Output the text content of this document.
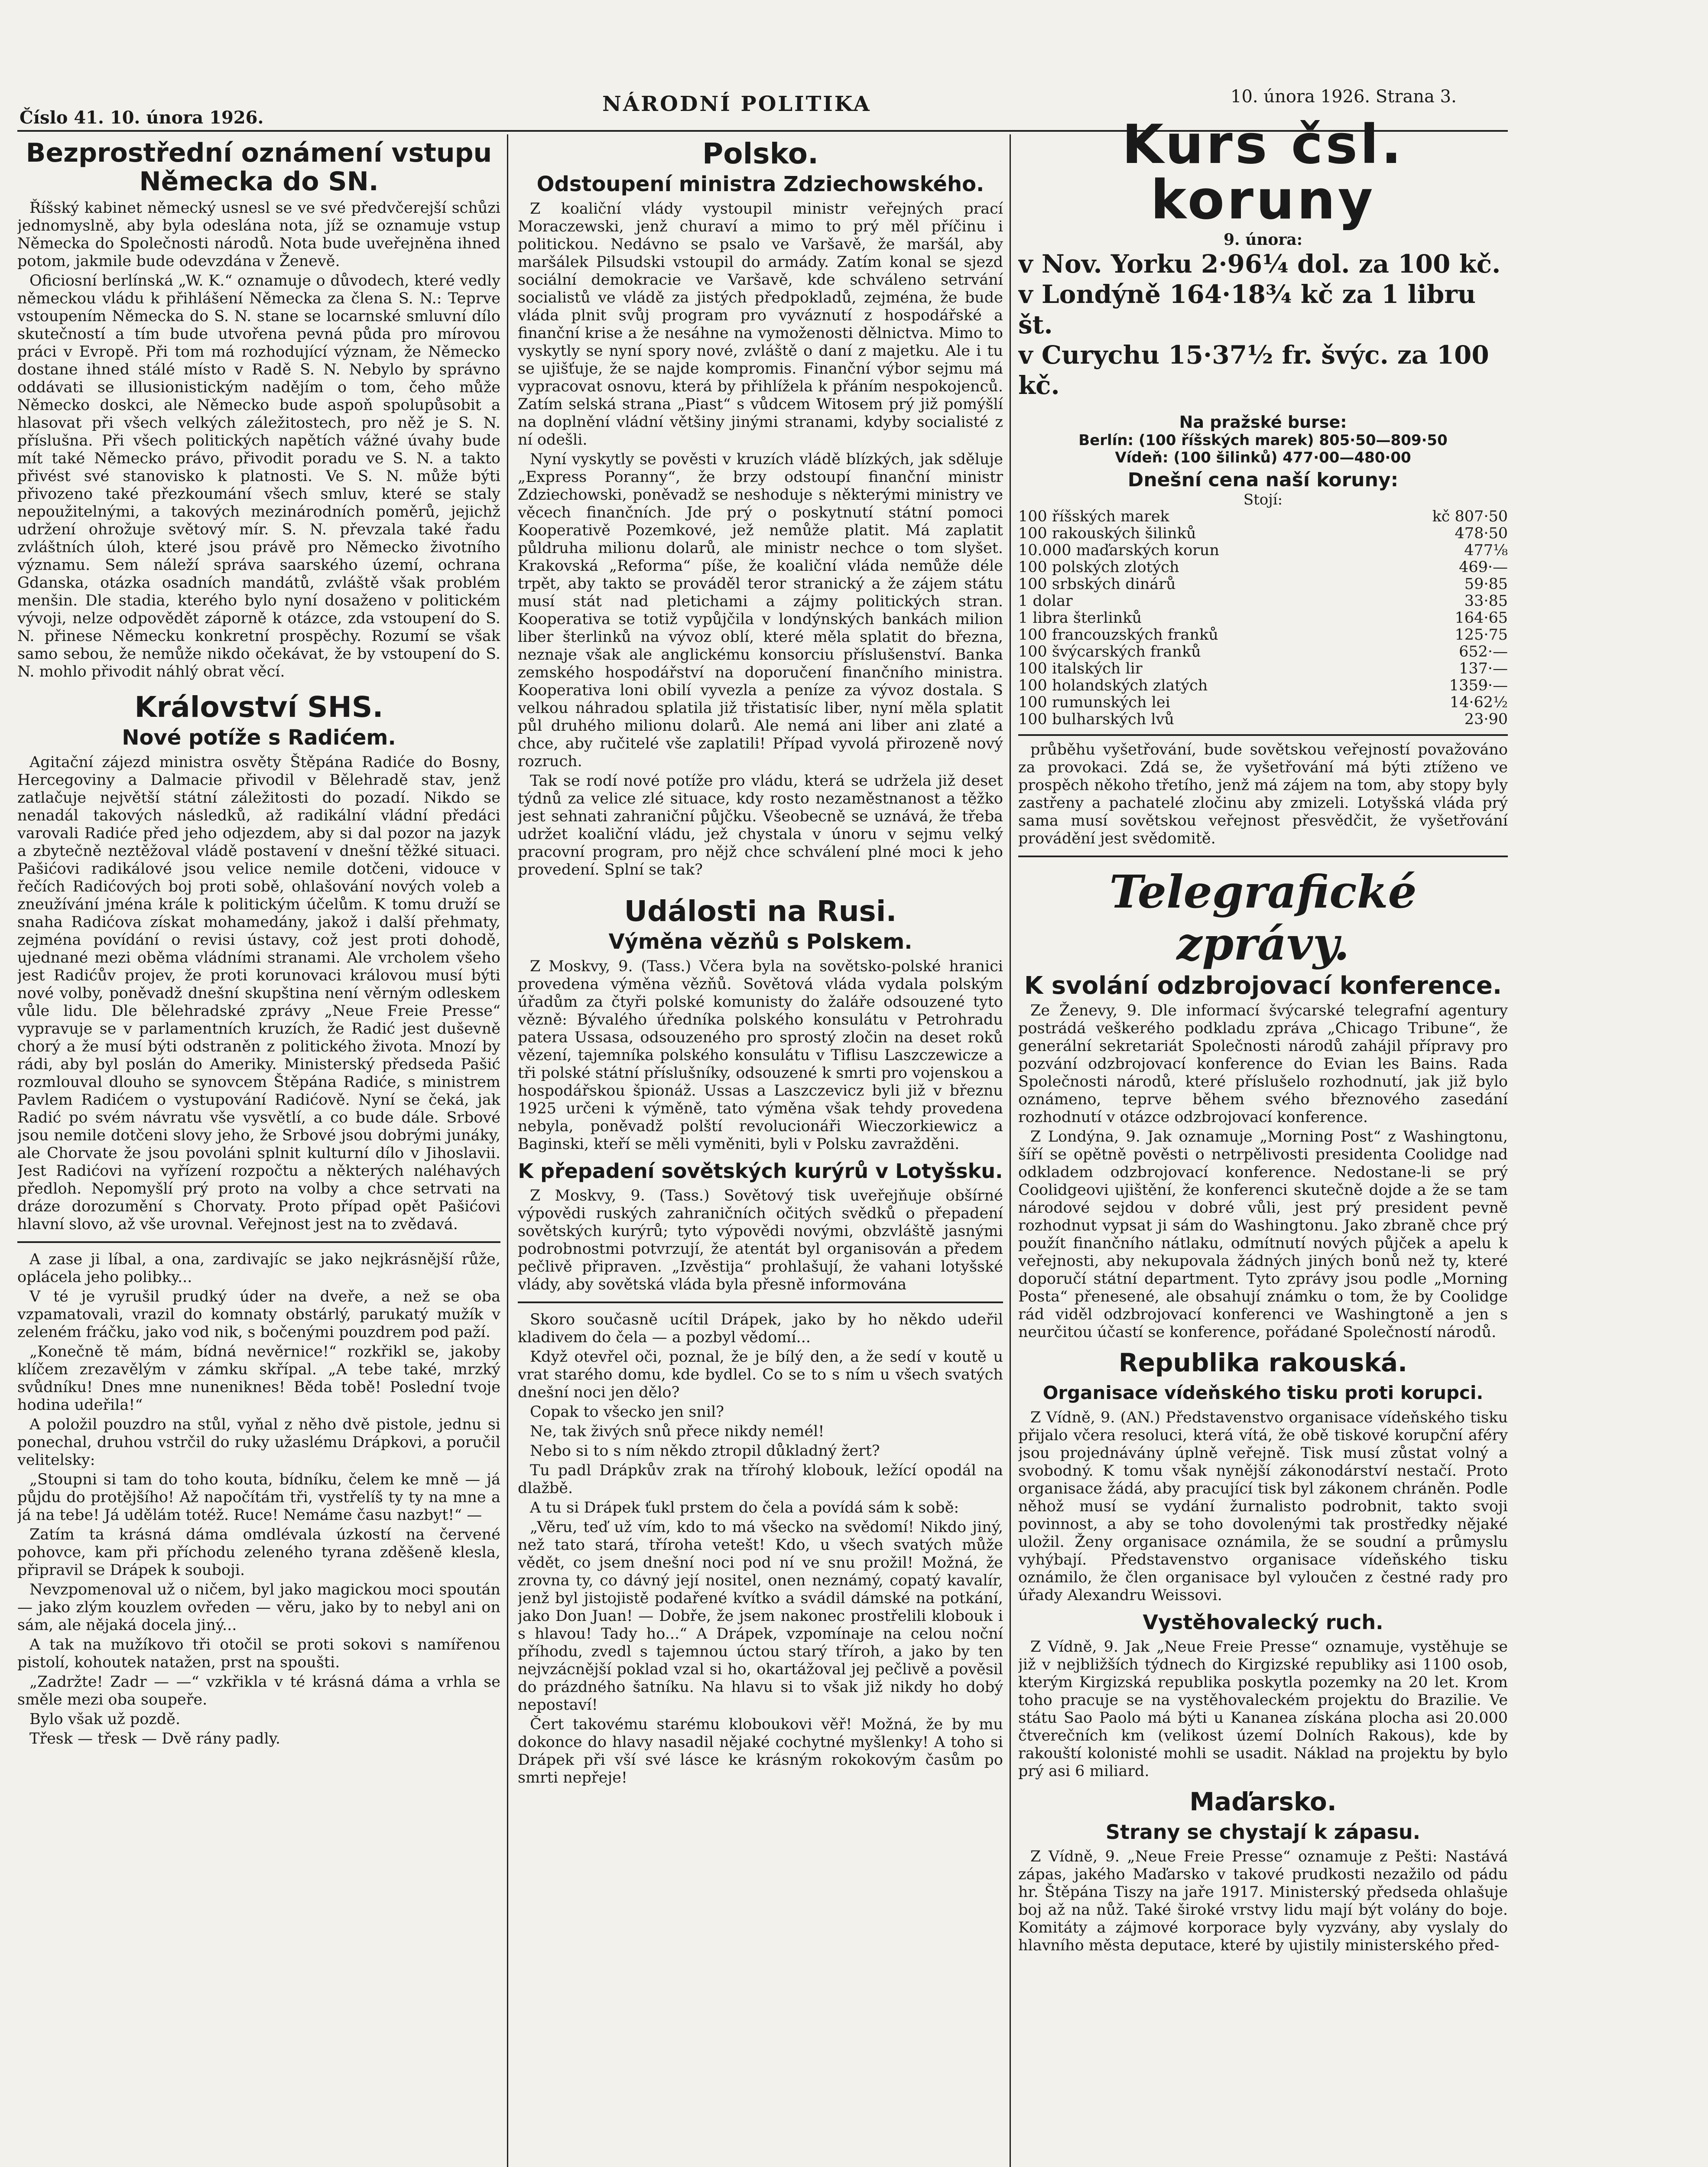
Číslo 41. 10. února 1926.
NÁRODNÍ POLITIKA	10. února 1926. Strana 3.
Bezprostřední oznámení vstupu Německa do SN.

Říšský kabinet německý usnesl se ve své předvčerejší schůzi jednomyslně, aby byla odeslána nota, jíž se oznamuje vstup Německa do Společnosti národů. Nota bude uveřejněna ihned potom, jakmile bude odevzdána v Ženevě.

Oficiosní berlínská „W. K.“ oznamuje o důvodech, které vedly německou vládu k přihlášení Německa za člena S. N.: Teprve vstoupením Německa do S. N. stane se locarnské smluvní dílo skutečností a tím bude utvořena pevná půda pro mírovou práci v Evropě. Při tom má rozhodující význam, že Německo dostane ihned stálé místo v Radě S. N. Nebylo by správno oddávati se illusionistickým nadějím o tom, čeho může Německo doskci, ale Německo bude aspoň spolupůsobit a hlasovat při všech velkých záležitostech, pro něž je S. N. příslušna. Při všech politických napětích vážné úvahy bude mít také Německo právo, přivodit poradu ve S. N. a takto přivést své stanovisko k platnosti. Ve S. N. může býti přivozeno také přezkoumání všech smluv, které se staly nepoužitelnými, a takových mezinárodních poměrů, jejichž udržení ohrožuje světový mír. S. N. převzala také řadu zvláštních úloh, které jsou právě pro Německo životního významu. Sem náleží správa saarského území, ochrana Gdanska, otázka osadních mandátů, zvláště však problém menšin. Dle stadia, kterého bylo nyní dosaženo v politickém vývoji, nelze odpovědět záporně k otázce, zda vstoupení do S. N. přinese Německu konkretní prospěchy. Rozumí se však samo sebou, že nemůže nikdo očekávat, že by vstoupení do S. N. mohlo přivodit náhlý obrat věcí.

Království SHS.
Nové potíže s Radićem.

Agitační zájezd ministra osvěty Štěpána Radiće do Bosny, Hercegoviny a Dalmacie přivodil v Bělehradě stav, jenž zatlačuje největší státní záležitosti do pozadí. Nikdo se nenadál takových následků, až radikální vládní předáci varovali Radiće před jeho odjezdem, aby si dal pozor na jazyk a zbytečně neztěžoval vládě postavení v dnešní těžké situaci. Pašićovi radikálové jsou velice nemile dotčeni, vidouce v řečích Radićových boj proti sobě, ohlašování nových voleb a zneužívání jména krále k politickým účelům. K tomu druží se snaha Radićova získat mohamedány, jakož i další přehmaty, zejména povídání o revisi ústavy, což jest proti dohodě, ujednané mezi oběma vládními stranami. Ale vrcholem všeho jest Radićův projev, že proti korunovaci královou musí býti nové volby, poněvadž dnešní skupština není věrným odleskem vůle lidu. Dle bělehradské zprávy „Neue Freie Presse“ vypravuje se v parlamentních kruzích, že Radić jest duševně chorý a že musí býti odstraněn z politického života. Mnozí by rádi, aby byl poslán do Ameriky. Ministerský předseda Pašić rozmlouval dlouho se synovcem Štěpána Radiće, s ministrem Pavlem Radićem o vystupování Radićově. Nyní se čeká, jak Radić po svém návratu vše vysvětlí, a co bude dále. Srbové jsou nemile dotčeni slovy jeho, že Srbové jsou dobrými junáky, ale Chorvate že jsou povoláni splnit kulturní dílo v Jihoslavii. Jest Radićovi na vyřízení rozpočtu a některých naléhavých předloh. Nepomyšlí prý proto na volby a chce setrvati na dráze dorozumění s Chorvaty. Proto případ opět Pašićovi hlavní slovo, až vše urovnal. Veřejnost jest na to zvědavá.

A zase ji líbal, a ona, zardivajíc se jako nejkrásnější růže, oplácela jeho polibky...

V té je vyrušil prudký úder na dveře, a než se oba vzpamatovali, vrazil do komnaty obstárlý, parukatý mužík v zeleném fráčku, jako vod nik, s bočenými pouzdrem pod paží.

„Konečně tě mám, bídná nevěrnice!“ rozkřikl se, jakoby klíčem zrezavělým v zámku skřípal. „A tebe také, mrzký svůdníku! Dnes mne nuneniknes! Běda tobě! Poslední tvoje hodina udeřila!“

A položil pouzdro na stůl, vyňal z něho dvě pistole, jednu si ponechal, druhou vstrčil do ruky užaslému Drápkovi, a poručil velitelsky:

„Stoupni si tam do toho kouta, bídníku, čelem ke mně — já půjdu do protějšího! Až napočítám tři, vystřelíš ty ty na mne a já na tebe! Já udělám totéž. Ruce! Nemáme času nazbyt!“ —

Zatím ta krásná dáma omdlévala úzkostí na červené pohovce, kam při příchodu zeleného tyrana zděšeně klesla, připravil se Drápek k souboji.

Nevzpomenoval už o ničem, byl jako magickou moci spoután — jako zlým kouzlem ovředen — věru, jako by to nebyl ani on sám, ale nějaká docela jiný...

A tak na mužíkovo tři otočil se proti sokovi s namířenou pistolí, kohoutek natažen, prst na spoušti.

„Zadržte! Zadr — —“ vzkřikla v té krásná dáma a vrhla se směle mezi oba soupeře.

Bylo však už pozdě.

Třesk — třesk — Dvě rány padly.

Polsko.
Odstoupení ministra Zdziechowského.

Z koaliční vlády vystoupil ministr veřejných prací Moraczewski, jenž churaví a mimo to prý měl příčinu i politickou. Nedávno se psalo ve Varšavě, že maršál, aby maršálek Pilsudski vstoupil do armády. Zatím konal se sjezd sociální demokracie ve Varšavě, kde schváleno setrvání socialistů ve vládě za jistých předpokladů, zejména, že bude vláda plnit svůj program pro vyváznutí z hospodářské a finanční krise a že nesáhne na vymoženosti dělnictva. Mimo to vyskytly se nyní spory nové, zvláště o daní z majetku. Ale i tu se ujišťuje, že se najde kompromis. Finanční výbor sejmu má vypracovat osnovu, která by přihlížela k přáním nespokojenců. Zatím selská strana „Piast“ s vůdcem Witosem prý již pomýšlí na doplnění vládní většiny jinými stranami, kdyby socialisté z ní odešli.

Nyní vyskytly se pověsti v kruzích vládě blízkých, jak sděluje „Express Poranny“, že brzy odstoupí finanční ministr Zdziechowski, poněvadž se neshoduje s některými ministry ve věcech finančních. Jde prý o poskytnutí státní pomoci Kooperativě Pozemkové, jež nemůže platit. Má zaplatit půldruha milionu dolarů, ale ministr nechce o tom slyšet. Krakovská „Reforma“ píše, že koaliční vláda nemůže déle trpět, aby takto se prováděl teror stranický a že zájem státu musí stát nad pletichami a zájmy politických stran. Kooperativa se totiž vypůjčila v londýnských bankách milion liber šterlinků na vývoz oblí, které měla splatit do března, neznaje však ale anglickému konsorciu příslušenství. Banka zemského hospodářství na doporučení finančního ministra. Kooperativa loni obilí vyvezla a peníze za vývoz dostala. S velkou náhradou splatila již třistatisíc liber, nyní měla splatit půl druhého milionu dolarů. Ale nemá ani liber ani zlaté a chce, aby ručitelé vše zaplatili! Případ vyvolá přirozeně nový rozruch.

Tak se rodí nové potíže pro vládu, která se udržela již deset týdnů za velice zlé situace, kdy rosto nezaměstnanost a těžko jest sehnati zahraniční půjčku. Všeobecně se uznává, že třeba udržet koaliční vládu, jež chystala v únoru v sejmu velký pracovní program, pro nějž chce schválení plné moci k jeho provedení. Splní se tak?

Události na Rusi.
Výměna vězňů s Polskem.

Z Moskvy, 9. (Tass.) Včera byla na sovětsko-polské hranici provedena výměna vězňů. Sovětová vláda vydala polským úřadům za čtyři polské komunisty do žaláře odsouzené tyto vězně: Bývalého úředníka polského konsulátu v Petrohradu patera Ussasa, odsouzeného pro sprostý zločin na deset roků vězení, tajemníka polského konsulátu v Tiflisu Laszczewicze a tři polské státní příslušníky, odsouzené k smrti pro vojenskou a hospodářskou špionáž. Ussas a Laszczevicz byli již v březnu 1925 určeni k výměně, tato výměna však tehdy provedena nebyla, poněvadž polští revolucionáři Wieczorkiewicz a Baginski, kteří se měli vyměniti, byli v Polsku zavražděni.

K přepadení sovětských kurýrů v Lotyšsku.

Z Moskvy, 9. (Tass.) Sovětový tisk uveřejňuje obšírné výpovědi ruských zahraničních očitých svědků o přepadení sovětských kurýrů; tyto výpovědi novými, obzvláště jasnými podrobnostmi potvrzují, že atentát byl organisován a předem pečlivě připraven. „Izvěstija“ prohlašují, že vahani lotyšské vlády, aby sovětská vláda byla přesně informována

Skoro současně ucítil Drápek, jako by ho někdo udeřil kladivem do čela — a pozbyl vědomí...

Když otevřel oči, poznal, že je bílý den, a že sedí v koutě u vrat starého domu, kde bydlel. Co se to s ním u všech svatých dnešní noci jen dělo?

Copak to všecko jen snil?

Ne, tak živých snů přece nikdy nemél!

Nebo si to s ním někdo ztropil důkladný žert?

Tu padl Drápkův zrak na třírohý klobouk, ležící opodál na dlažbě.

A tu si Drápek ťukl prstem do čela a povídá sám k sobě:

„Věru, teď už vím, kdo to má všecko na svědomí! Nikdo jiný, než tato stará, tříroha vetešt! Kdo, u všech svatých může vědět, co jsem dnešní noci pod ní ve snu prožil! Možná, že zrovna ty, co dávný její nositel, onen neznámý, copatý kavalír, jenž byl jistojistě podařené kvítko a svádil dámské na potkání, jako Don Juan! — Dobře, že jsem nakonec prostřelili klobouk i s hlavou! Tady ho...“ A Drápek, vzpomínaje na celou noční příhodu, zvedl s tajemnou úctou starý tříroh, a jako by ten nejvzácnější poklad vzal si ho, okartážoval jej pečlivě a pověsil do prázdného šatníku. Na hlavu si to však již nikdy ho dobý nepostaví!

Čert takovému starému kloboukovi věř! Možná, že by mu dokonce do hlavy nasadil nějaké cochytné myšlenky! A toho si Drápek při vší své lásce ke krásným rokokovým časům po smrti nepřeje!

Kurs čsl. koruny
9. února:
v Nov. Yorku 2·96¼ dol. za 100 kč.
v Londýně 164·18¾ kč za 1 libru št.
v Curychu 15·37½ fr. švýc. za 100 kč.
Na pražské burse:
Berlín: (100 říšských marek) 805·50—809·50
Vídeň: (100 šilinků) 477·00—480·00
Dnešní cena naší koruny:
Stojí:
100 říšských marek	kč 807·50
100 rakouských šilinků	478·50
10.000 maďarských korun	477⅛
100 polských zlotých	469·—
100 srbských dinárů	59·85
1 dolar	33·85
1 libra šterlinků	164·65
100 francouzských franků	125·75
100 švýcarských franků	652·—
100 italských lir	137·—
100 holandských zlatých	1359·—
100 rumunských lei	14·62½
100 bulharských lvů	23·90

průběhu vyšetřování, bude sovětskou veřejností považováno za provokaci. Zdá se, že vyšetřování má býti ztíženo ve prospěch někoho třetího, jenž má zájem na tom, aby stopy byly zastřeny a pachatelé zločinu aby zmizeli. Lotyšská vláda prý sama musí sovětskou veřejnost přesvědčit, že vyšetřování provádění jest svědomitě.

Telegrafické zprávy.
K svolání odzbrojovací konference.

Ze Ženevy, 9. Dle informací švýcarské telegrafní agentury postrádá veškerého podkladu zpráva „Chicago Tribune“, že generální sekretariát Společnosti národů zahájil přípravy pro pozvání odzbrojovací konference do Evian les Bains. Rada Společnosti národů, které příslušelo rozhodnutí, jak již bylo oznámeno, teprve během svého březnového zasedání rozhodnutí v otázce odzbrojovací konference.

Z Londýna, 9. Jak oznamuje „Morning Post“ z Washingtonu, šíří se opětně pověsti o netrpělivosti presidenta Coolidge nad odkladem odzbrojovací konference. Nedostane-li se prý Coolidgeovi ujištění, že konferenci skutečně dojde a že se tam národové sejdou v dobré vůli, jest prý president pevně rozhodnut vypsat ji sám do Washingtonu. Jako zbraně chce prý použít finančního nátlaku, odmítnutí nových půjček a apelu k veřejnosti, aby nekupovala žádných jiných bonů než ty, které doporučí státní department. Tyto zprávy jsou podle „Morning Posta“ přenesené, ale obsahují známku o tom, že by Coolidge rád viděl odzbrojovací konferenci ve Washingtoně a jen s neurčitou účastí se konference, pořádané Společností národů.

Republika rakouská.
Organisace vídeňského tisku proti korupci.

Z Vídně, 9. (AN.) Představenstvo organisace vídeňského tisku přijalo včera resoluci, která vítá, že obě tiskové korupční aféry jsou projednávány úplně veřejně. Tisk musí zůstat volný a svobodný. K tomu však nynější zákonodárství nestačí. Proto organisace žádá, aby pracující tisk byl zákonem chráněn. Podle něhož musí se vydání žurnalisto podrobnit, takto svoji povinnost, a aby se toho dovolenými tak prostředky nějaké uložil. Ženy organisace oznámila, že se soudní a průmyslu vyhýbají. Představenstvo organisace vídeňského tisku oznámilo, že člen organisace byl vyloučen z čestné rady pro úřady Alexandru Weissovi.

Vystěhovalecký ruch.

Z Vídně, 9. Jak „Neue Freie Presse“ oznamuje, vystěhuje se již v nejbližších týdnech do Kirgizské republiky asi 1100 osob, kterým Kirgizská republika poskytla pozemky na 20 let. Krom toho pracuje se na vystěhovaleckém projektu do Brazilie. Ve státu Sao Paolo má býti u Kananea získána plocha asi 20.000 čtverečních km (velikost území Dolních Rakous), kde by rakouští kolonisté mohli se usadit. Náklad na projektu by bylo prý asi 6 miliard.

Maďarsko.
Strany se chystají k zápasu.

Z Vídně, 9. „Neue Freie Presse“ oznamuje z Pešti: Nastává zápas, jakého Maďarsko v takové prudkosti nezažilo od pádu hr. Štěpána Tiszy na jaře 1917. Ministerský předseda ohlašuje boj až na nůž. Také široké vrstvy lidu mají být volány do boje. Komitáty a zájmové korporace byly vyzvány, aby vyslaly do hlavního města deputace, které by ujistily ministerského před-
